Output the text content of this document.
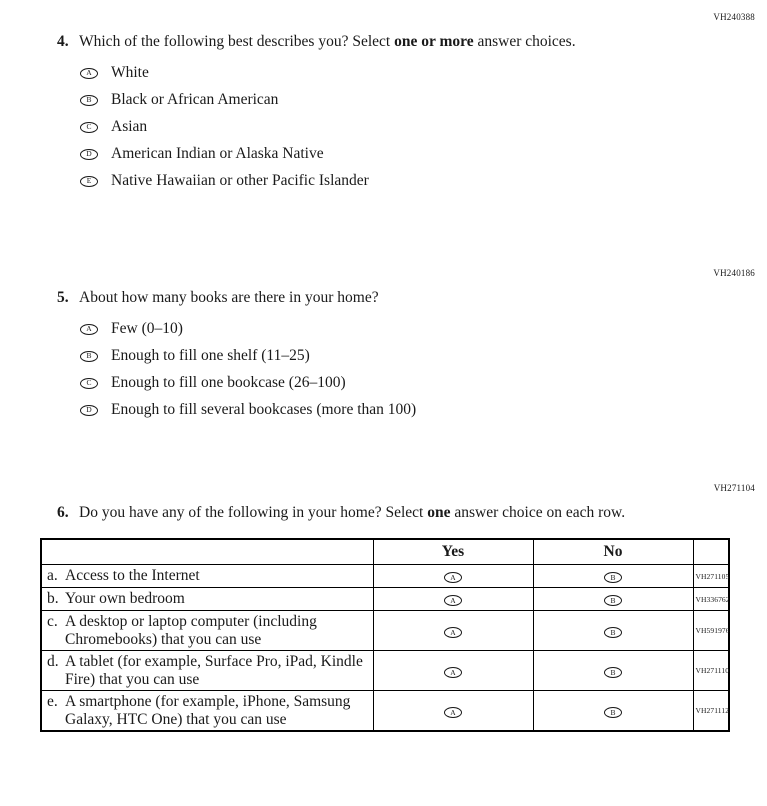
VH240388
4. Which of the following best describes you? Select one or more answer choices.

A	White
B	Black or African American
C	Asian
D	American Indian or Alaska Native
E	Native Hawaiian or other Pacific Islander
VH240186
5. About how many books are there in your home?

A	Few (0–10)
B	Enough to fill one shelf (11–25)
C	Enough to fill one bookcase (26–100)
D	Enough to fill several bookcases (more than 100)
VH271104
6. Do you have any of the following in your home? Select one answer choice on each row.

	Yes	No	

a. Access to the Internet	A	B	VH271105

b. Your own bedroom	A	B	VH336762

c. A desktop or laptop computer (including Chromebooks) that you can use	A	B	VH591976

d. A tablet (for example, Surface Pro, iPad, Kindle Fire) that you can use	A	B	VH271110

e. A smartphone (for example, iPhone, Samsung Galaxy, HTC One) that you can use	A	B	VH271112
